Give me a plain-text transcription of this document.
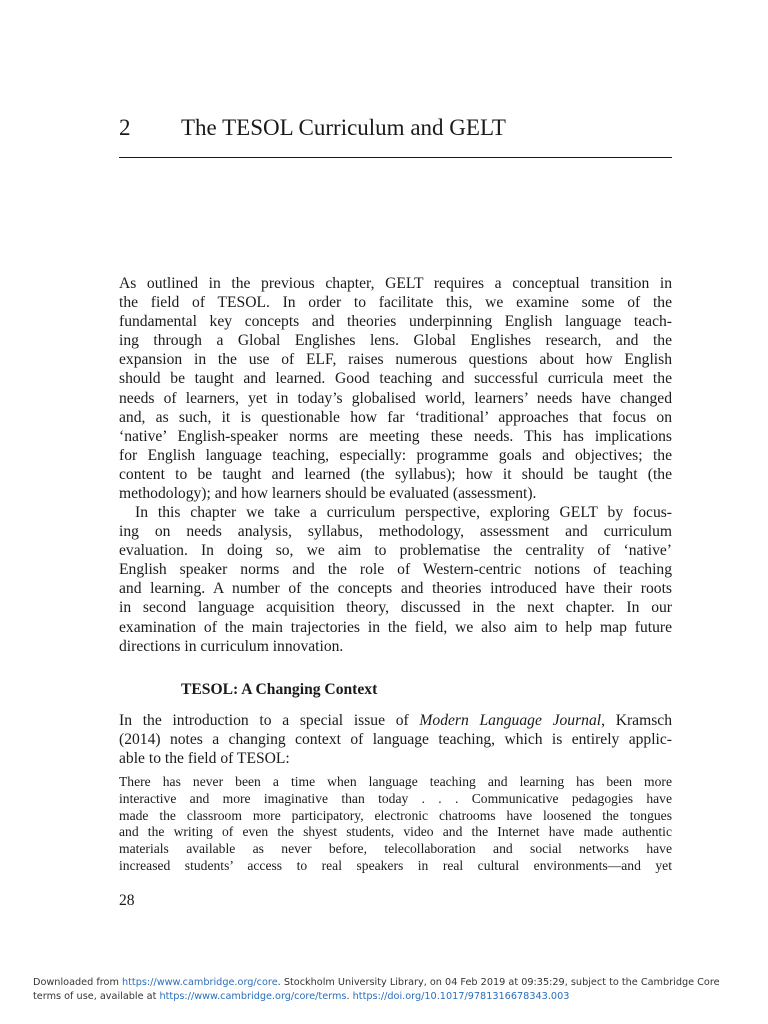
2 The TESOL Curriculum and GELT
As outlined in the previous chapter, GELT requires a conceptual transition in
the field of TESOL. In order to facilitate this, we examine some of the
fundamental key concepts and theories underpinning English language teach-
ing through a Global Englishes lens. Global Englishes research, and the
expansion in the use of ELF, raises numerous questions about how English
should be taught and learned. Good teaching and successful curricula meet the
needs of learners, yet in today’s globalised world, learners’ needs have changed
and, as such, it is questionable how far ‘traditional’ approaches that focus on
‘native’ English-speaker norms are meeting these needs. This has implications
for English language teaching, especially: programme goals and objectives; the
content to be taught and learned (the syllabus); how it should be taught (the
methodology); and how learners should be evaluated (assessment).
In this chapter we take a curriculum perspective, exploring GELT by focus-
ing on needs analysis, syllabus, methodology, assessment and curriculum
evaluation. In doing so, we aim to problematise the centrality of ‘native’
English speaker norms and the role of Western-centric notions of teaching
and learning. A number of the concepts and theories introduced have their roots
in second language acquisition theory, discussed in the next chapter. In our
examination of the main trajectories in the field, we also aim to help map future
directions in curriculum innovation.
TESOL: A Changing Context
In the introduction to a special issue of Modern Language Journal, Kramsch
(2014) notes a changing context of language teaching, which is entirely applic-
able to the field of TESOL:
There has never been a time when language teaching and learning has been more
interactive and more imaginative than today . . . Communicative pedagogies have
made the classroom more participatory, electronic chatrooms have loosened the tongues
and the writing of even the shyest students, video and the Internet have made authentic
materials available as never before, telecollaboration and social networks have
increased students’ access to real speakers in real cultural environments—and yet
28
Downloaded from https://www.cambridge.org/core. Stockholm University Library, on 04 Feb 2019 at 09:35:29, subject to the Cambridge Core
terms of use, available at https://www.cambridge.org/core/terms. https://doi.org/10.1017/9781316678343.003
